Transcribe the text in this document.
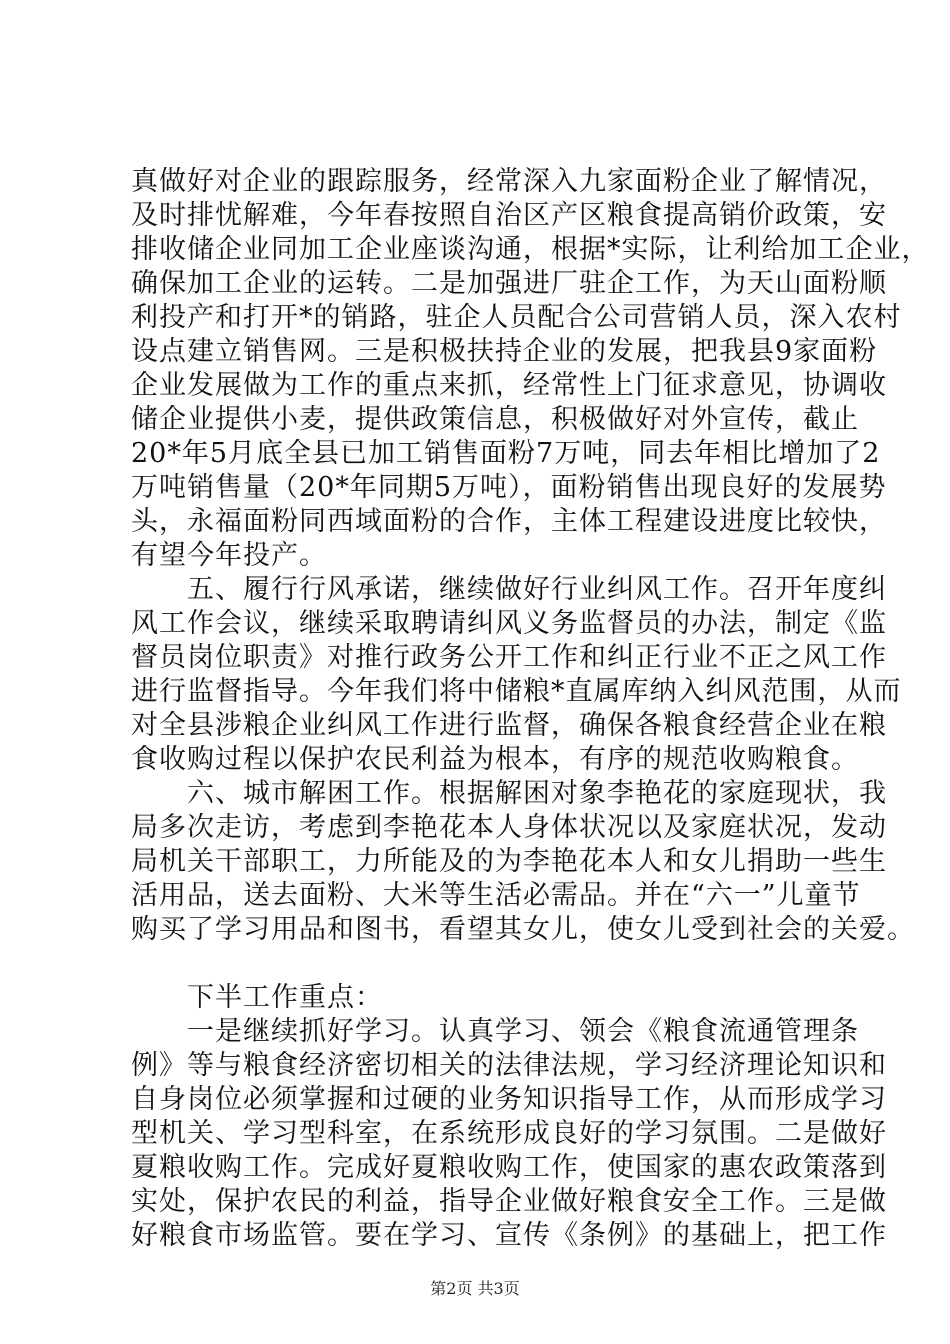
真做好对企业的跟踪服务，经常深入九家面粉企业了解情况，
及时排忧解难，今年春按照自治区产区粮食提高销价政策，安
排收储企业同加工企业座谈沟通，根据*实际，让利给加工企业，
确保加工企业的运转。二是加强进厂驻企工作，为天山面粉顺
利投产和打开*的销路，驻企人员配合公司营销人员，深入农村
设点建立销售网。三是积极扶持企业的发展，把我县9家面粉
企业发展做为工作的重点来抓，经常性上门征求意见，协调收
储企业提供小麦，提供政策信息，积极做好对外宣传，截止
20*年5月底全县已加工销售面粉7万吨，同去年相比增加了2
万吨销售量（20*年同期5万吨），面粉销售出现良好的发展势
头，永福面粉同西域面粉的合作，主体工程建设进度比较快，
有望今年投产。
　　五、履行行风承诺，继续做好行业纠风工作。召开年度纠
风工作会议，继续采取聘请纠风义务监督员的办法，制定《监
督员岗位职责》对推行政务公开工作和纠正行业不正之风工作
进行监督指导。今年我们将中储粮*直属库纳入纠风范围，从而
对全县涉粮企业纠风工作进行监督，确保各粮食经营企业在粮
食收购过程以保护农民利益为根本，有序的规范收购粮食。
　　六、城市解困工作。根据解困对象李艳花的家庭现状，我
局多次走访，考虑到李艳花本人身体状况以及家庭状况，发动
局机关干部职工，力所能及的为李艳花本人和女儿捐助一些生
活用品，送去面粉、大米等生活必需品。并在“六一”儿童节
购买了学习用品和图书，看望其女儿，使女儿受到社会的关爱。
　　下半工作重点：
　　一是继续抓好学习。认真学习、领会《粮食流通管理条
例》等与粮食经济密切相关的法律法规，学习经济理论知识和
自身岗位必须掌握和过硬的业务知识指导工作，从而形成学习
型机关、学习型科室，在系统形成良好的学习氛围。二是做好
夏粮收购工作。完成好夏粮收购工作，使国家的惠农政策落到
实处，保护农民的利益，指导企业做好粮食安全工作。三是做
好粮食市场监管。要在学习、宣传《条例》的基础上，把工作
第2页 共3页
